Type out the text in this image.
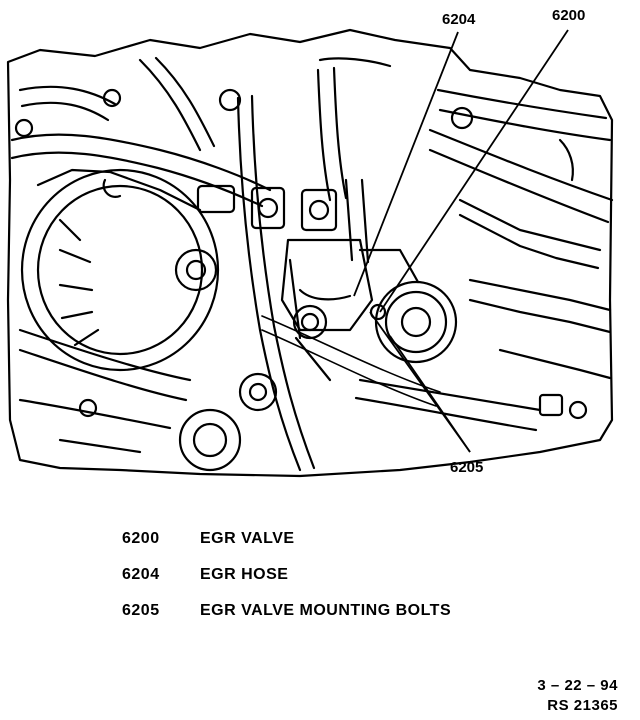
6204	6200
6205
6200	EGR VALVE
6204	EGR HOSE
6205	EGR VALVE MOUNTING BOLTS
3 – 22 – 94
RS 21365
